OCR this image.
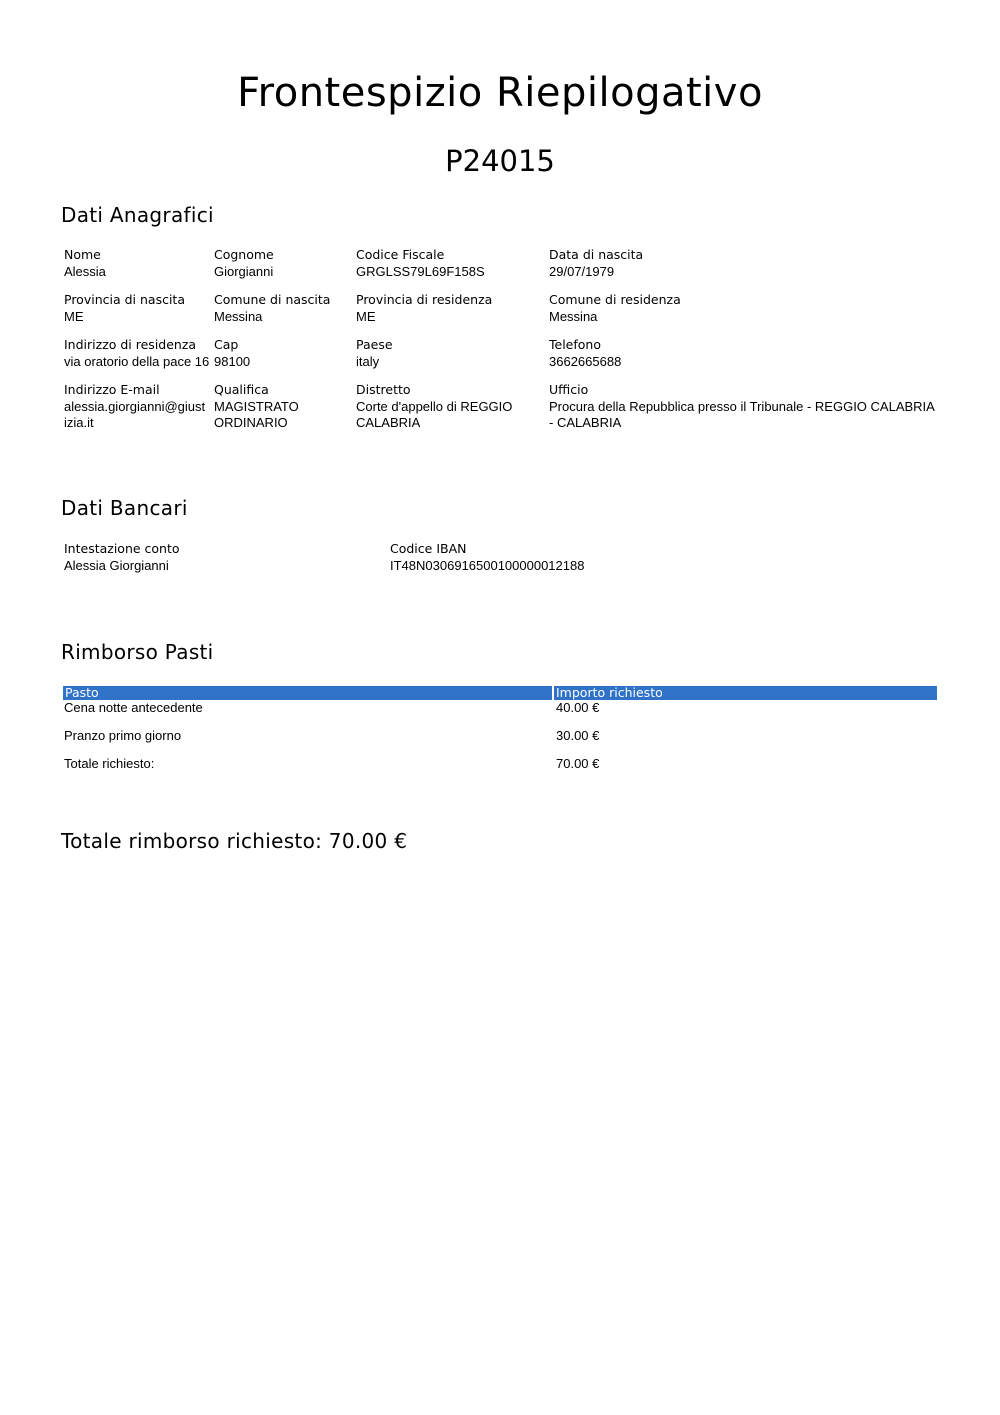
Frontespizio Riepilogativo
P24015
Dati Anagrafici
Nome
Alessia
Cognome
Giorgianni
Codice Fiscale
GRGLSS79L69F158S
Data di nascita
29/07/1979
Provincia di nascita
ME
Comune di nascita
Messina
Provincia di residenza
ME
Comune di residenza
Messina
Indirizzo di residenza
via oratorio della pace 16
Cap
98100
Paese
italy
Telefono
3662665688
Indirizzo E-mail
alessia.giorgianni@giustizia.it
Qualifica
MAGISTRATO ORDINARIO
Distretto
Corte d'appello di REGGIO CALABRIA
Ufficio
Procura della Repubblica presso il Tribunale - REGGIO CALABRIA - CALABRIA
Dati Bancari
Intestazione conto
Alessia Giorgianni
Codice IBAN
IT48N0306916500100000012188
Rimborso Pasti
Pasto	Importo richiesto
Cena notte antecedente	40.00 €
Pranzo primo giorno	30.00 €
Totale richiesto:	70.00 €
Totale rimborso richiesto: 70.00 €
